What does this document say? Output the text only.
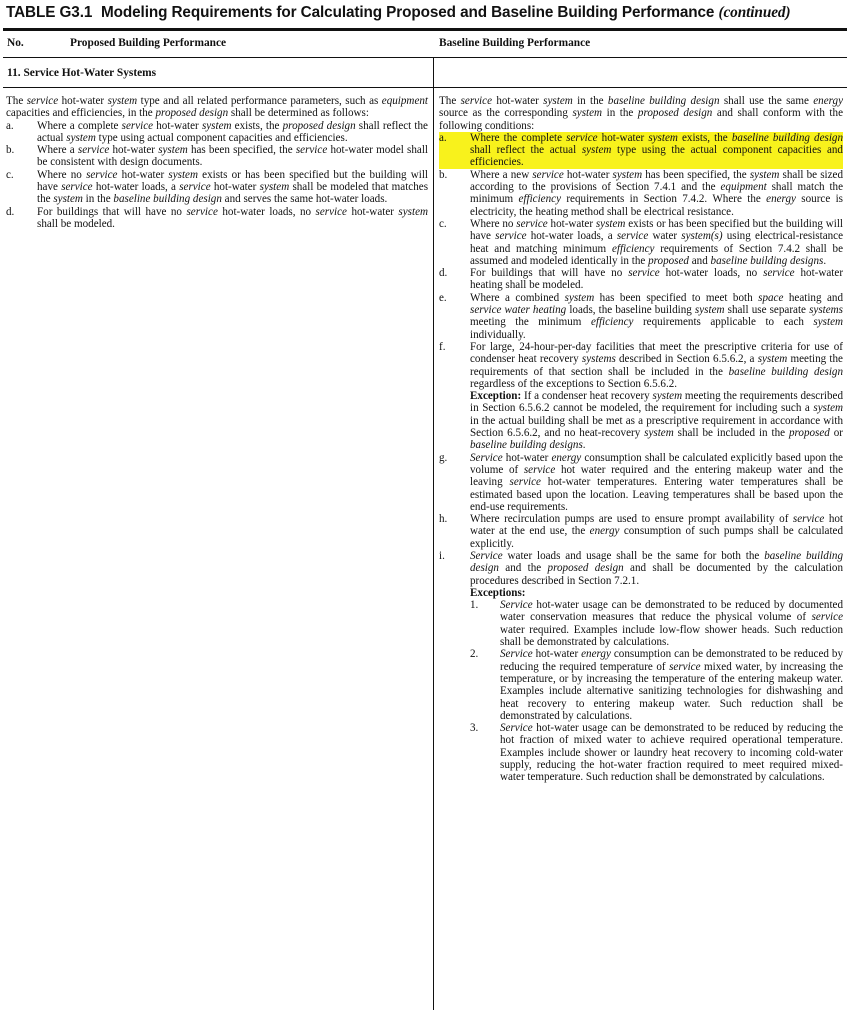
TABLE G3.1 Modeling Requirements for Calculating Proposed and Baseline Building Performance (continued)
No.	Proposed Building Performance	Baseline Building Performance
11. Service Hot-Water Systems

The service hot-water system type and all related performance parameters, such as equipment capacities and efficiencies, in the proposed design shall be determined as follows:

a.	Where a complete service hot-water system exists, the proposed design shall reflect the actual system type using actual component capacities and efficiencies.

b.	Where a service hot-water system has been specified, the service hot-water model shall be consistent with design documents.

c.	Where no service hot-water system exists or has been specified but the building will have service hot-water loads, a service hot-water system shall be modeled that matches the system in the baseline building design and serves the same hot-water loads.

d.	For buildings that will have no service hot-water loads, no service hot-water system shall be modeled.

The service hot-water system in the baseline building design shall use the same energy source as the corresponding system in the proposed design and shall conform with the following conditions:

a.	Where the complete service hot-water system exists, the baseline building design shall reflect the actual system type using the actual component capacities and efficiencies.

b.	Where a new service hot-water system has been specified, the system shall be sized according to the provisions of Section 7.4.1 and the equipment shall match the minimum efficiency requirements in Section 7.4.2. Where the energy source is electricity, the heating method shall be electrical resistance.

c.	Where no service hot-water system exists or has been specified but the building will have service hot-water loads, a service water system(s) using electrical-resistance heat and matching minimum efficiency requirements of Section 7.4.2 shall be assumed and modeled identically in the proposed and baseline building designs.

d.	For buildings that will have no service hot-water loads, no service hot-water heating shall be modeled.

e.	Where a combined system has been specified to meet both space heating and service water heating loads, the baseline building system shall use separate systems meeting the minimum efficiency requirements applicable to each system individually.

f.	For large, 24-hour-per-day facilities that meet the prescriptive criteria for use of condenser heat recovery systems described in Section 6.5.6.2, a system meeting the requirements of that section shall be included in the baseline building design regardless of the exceptions to Section 6.5.6.2.

Exception: If a condenser heat recovery system meeting the requirements described in Section 6.5.6.2 cannot be modeled, the requirement for including such a system in the actual building shall be met as a prescriptive requirement in accordance with Section 6.5.6.2, and no heat-recovery system shall be included in the proposed or baseline building designs.

g.	Service hot-water energy consumption shall be calculated explicitly based upon the volume of service hot water required and the entering makeup water and the leaving service hot-water temperatures. Entering water temperatures shall be estimated based upon the location. Leaving temperatures shall be based upon the end-use requirements.

h.	Where recirculation pumps are used to ensure prompt availability of service hot water at the end use, the energy consumption of such pumps shall be calculated explicitly.

i.	Service water loads and usage shall be the same for both the baseline building design and the proposed design and shall be documented by the calculation procedures described in Section 7.2.1.

Exceptions:

1.	Service hot-water usage can be demonstrated to be reduced by documented water conservation measures that reduce the physical volume of service water required. Examples include low-flow shower heads. Such reduction shall be demonstrated by calculations.
2.	Service hot-water energy consumption can be demonstrated to be reduced by reducing the required temperature of service mixed water, by increasing the temperature, or by increasing the temperature of the entering makeup water. Examples include alternative sanitizing technologies for dishwashing and heat recovery to entering makeup water. Such reduction shall be demonstrated by calculations.
3.	Service hot-water usage can be demonstrated to be reduced by reducing the hot fraction of mixed water to achieve required operational temperature. Examples include shower or laundry heat recovery to incoming cold-water supply, reducing the hot-water fraction required to meet required mixed-water temperature. Such reduction shall be demonstrated by calculations.
